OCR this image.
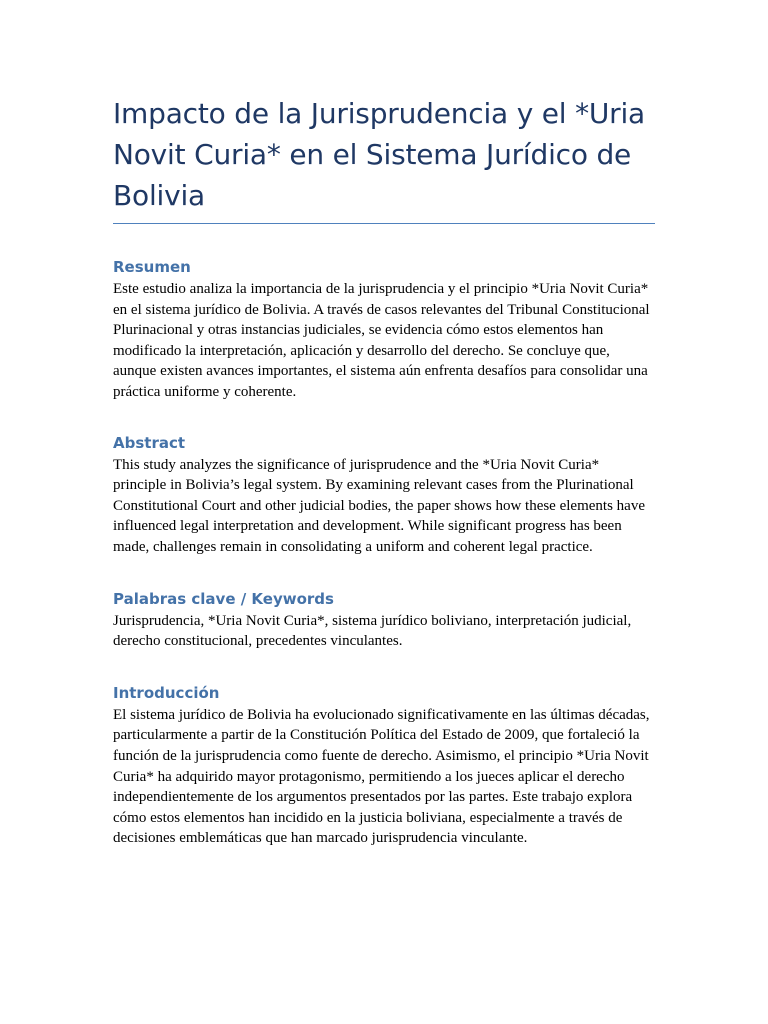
Impacto de la Jurisprudencia y el *Uria Novit Curia* en el Sistema Jurídico de Bolivia
Resumen

Este estudio analiza la importancia de la jurisprudencia y el principio *Uria Novit Curia* en el sistema jurídico de Bolivia. A través de casos relevantes del Tribunal Constitucional Plurinacional y otras instancias judiciales, se evidencia cómo estos elementos han modificado la interpretación, aplicación y desarrollo del derecho. Se concluye que, aunque existen avances importantes, el sistema aún enfrenta desafíos para consolidar una práctica uniforme y coherente.

Abstract

This study analyzes the significance of jurisprudence and the *Uria Novit Curia* principle in Bolivia’s legal system. By examining relevant cases from the Plurinational Constitutional Court and other judicial bodies, the paper shows how these elements have influenced legal interpretation and development. While significant progress has been made, challenges remain in consolidating a uniform and coherent legal practice.

Palabras clave / Keywords

Jurisprudencia, *Uria Novit Curia*, sistema jurídico boliviano, interpretación judicial, derecho constitucional, precedentes vinculantes.

Introducción

El sistema jurídico de Bolivia ha evolucionado significativamente en las últimas décadas, particularmente a partir de la Constitución Política del Estado de 2009, que fortaleció la función de la jurisprudencia como fuente de derecho. Asimismo, el principio *Uria Novit Curia* ha adquirido mayor protagonismo, permitiendo a los jueces aplicar el derecho independientemente de los argumentos presentados por las partes. Este trabajo explora cómo estos elementos han incidido en la justicia boliviana, especialmente a través de decisiones emblemáticas que han marcado jurisprudencia vinculante.
